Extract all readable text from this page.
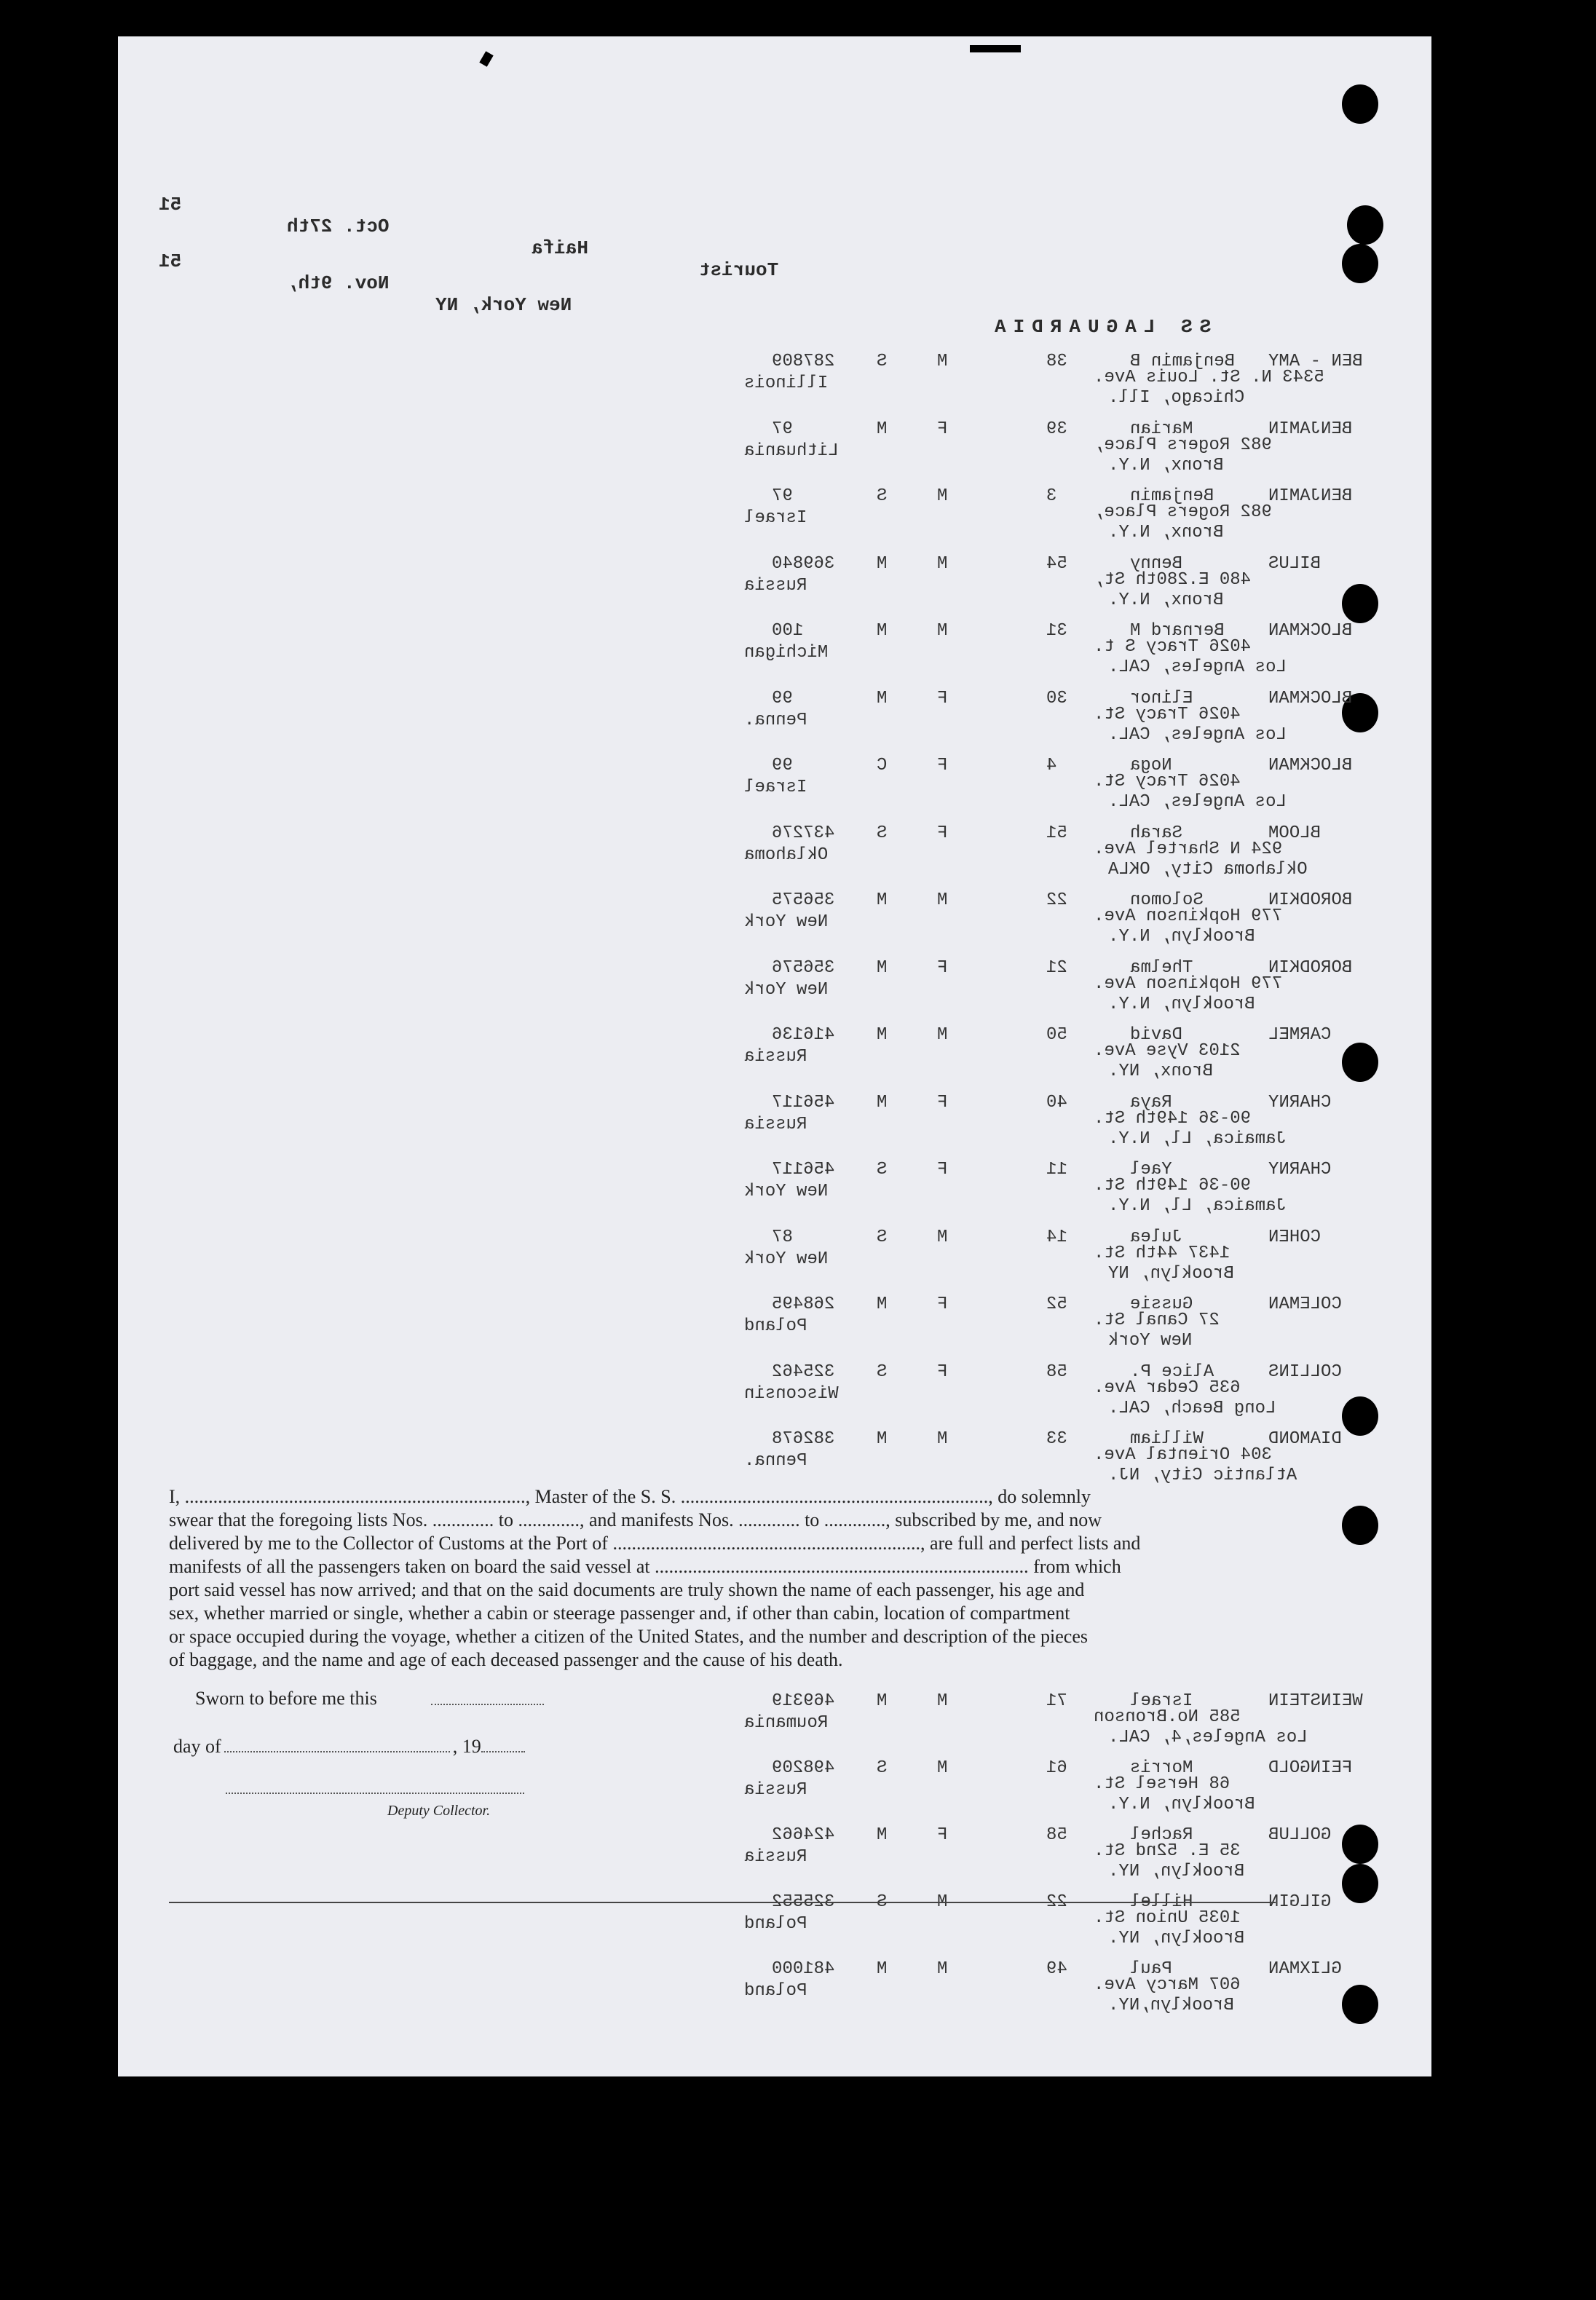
51

Oct. 27th

Haifa

Tourist

51

Nov. 9th,

New York, NY

SS LAGUARDIA

BEN - AMY
Benjamin B
38
M
S
287809
5343 N. St. Louis Ave.
Chicago, Ill.
Illinois
BENJAMIN
Marian
39
F
M
97
982 Rogers Place,
Bronx, N.Y.
Lithuania
BENJAMIN
Benjamin
3
M
S
97
982 Rogers Place,
Bronx, N.Y.
Israel
BILUS
Benny
54
M
M
369840
480 E.280th St,
Bronx, N.Y.
Russia
BLOCKMAN
Bernard M
31
M
M
100
4026 Tracy S t.
Los Angeles, CAL.
Michigan
BLOCKMAN
Elinor
30
F
M
99
4026 Tracy St.
Los Angeles, CAL.
Penna.
BLOCKMAN
Noga
4
F
C
99
4026 Tracy St.
Los Angeles, CAL.
Israel
BLOOM
Sarah
51
F
S
437276
924 N Shartel Ave.
Oklahoma City, OKLA
Oklahoma
BORODKIN
Solomon
22
M
M
356575
779 Hopkinson Ave.
Brooklyn, N.Y.
New York
BORODKIN
Thelma
21
F
M
356576
779 Hopkinson Ave.
Brooklyn, N.Y.
New York
CARMEL
David
50
M
M
416136
2103 Vyse Ave.
Bronx, NY.
Russia
CHARNY
Raya
40
F
M
456117
90-36 149th St.
Jamaica, Ll, N.Y.
Russia
CHARNY
Yael
11
F
S
456117
90-36 149th St.
Jamaica, Ll, N.Y.
New York
COHEN
Julea
14
M
S
87
1437 44th St.
Brooklyn, NY
New York
COLEMAN
Gussie
52
F
M
268495
27 Canal St.
New York
Poland
COLLINS
Alice P.
58
F
S
325462
635 Cedar Ave.
Long Beach, CAL.
Wisconsin
DIAMOND
William
33
M
M
382678
304 Oriental Ave.
Atlantic City, NJ.
Penna.
WEINSTEIN
Israel
71
M
M
469319
585 No.Bronson
Los Angeles,4, CAL.
Roumania
FEINGOLD
Morris
61
M
S
498209
68 Hersel St.
Brooklyn, N.Y.
Russia
GOLLUB
Rachel
58
F
M
424662
35 E. 52nd St.
Brooklyn, NY.
Russia
GILGIN
Hillel
22
M
S
325552
1035 Union St.
Brooklyn, NY.
Poland
GLIXMAN
Paul
49
M
M
481000
607 Marcy Ave.
Brooklyn,NY.
Poland
I, ........................................................................, Master of the S. S. ................................................................., do solemnly
swear that the foregoing lists Nos. ............. to ............., and manifests Nos. ............. to ............., subscribed by me, and now
delivered by me to the Collector of Customs at the Port of ................................................................., are full and perfect lists and
manifests of all the passengers taken on board the said vessel at ............................................................................... from which
port said vessel has now arrived; and that on the said documents are truly shown the name of each passenger, his age and
sex, whether married or single, whether a cabin or steerage passenger and, if other than cabin, location of compartment
or space occupied during the voyage, whether a citizen of the United States, and the number and description of the pieces
of baggage, and the name and age of each deceased passenger and the cause of his death.
Sworn to before me this
day of	, 19
Deputy Collector.
